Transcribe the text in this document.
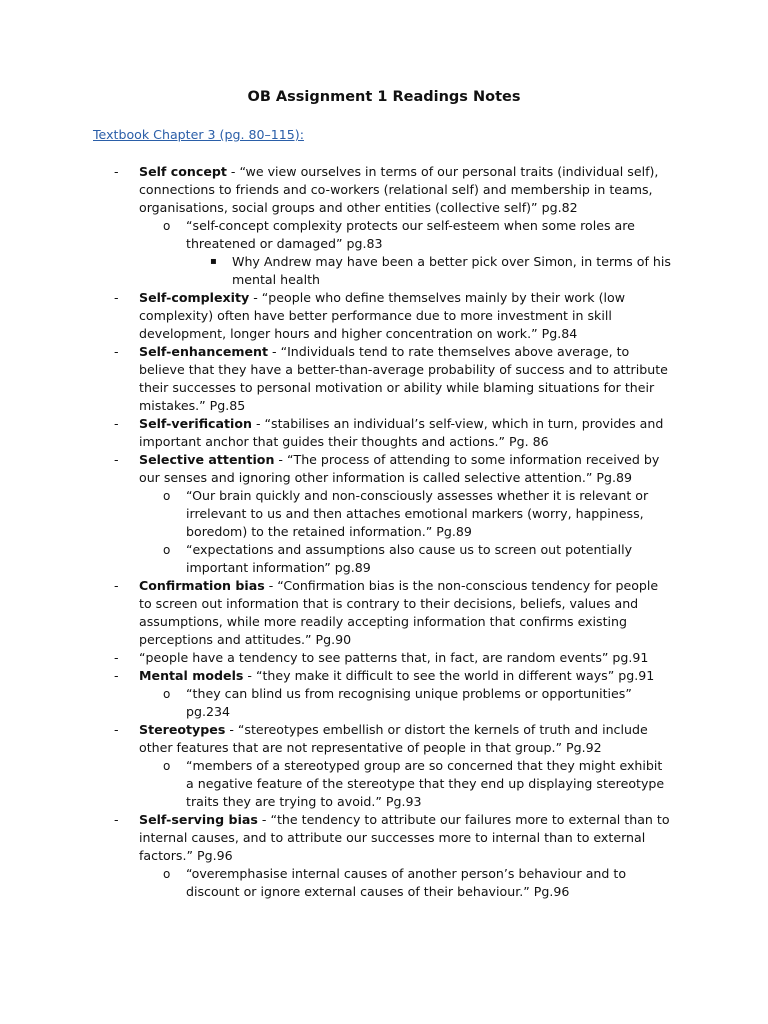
OB Assignment 1 Readings Notes
Textbook Chapter 3 (pg. 80–115):
- Self concept - “we view ourselves in terms of our personal traits (individual self), connections to friends and co-workers (relational self) and membership in teams, organisations, social groups and other entities (collective self)” pg.82
o “self-concept complexity protects our self-esteem when some roles are threatened or damaged” pg.83
▪ Why Andrew may have been a better pick over Simon, in terms of his mental health
- Self-complexity - “people who define themselves mainly by their work (low complexity) often have better performance due to more investment in skill development, longer hours and higher concentration on work.” Pg.84
- Self-enhancement - “Individuals tend to rate themselves above average, to believe that they have a better-than-average probability of success and to attribute their successes to personal motivation or ability while blaming situations for their mistakes.” Pg.85
- Self-verification - “stabilises an individual’s self-view, which in turn, provides and important anchor that guides their thoughts and actions.” Pg. 86
- Selective attention - “The process of attending to some information received by our senses and ignoring other information is called selective attention.” Pg.89
o “Our brain quickly and non-consciously assesses whether it is relevant or irrelevant to us and then attaches emotional markers (worry, happiness, boredom) to the retained information.” Pg.89
o “expectations and assumptions also cause us to screen out potentially important information” pg.89
- Confirmation bias - “Confirmation bias is the non-conscious tendency for people to screen out information that is contrary to their decisions, beliefs, values and assumptions, while more readily accepting information that confirms existing perceptions and attitudes.” Pg.90
- “people have a tendency to see patterns that, in fact, are random events” pg.91
- Mental models - “they make it difficult to see the world in different ways” pg.91
o “they can blind us from recognising unique problems or opportunities” pg.234
- Stereotypes - “stereotypes embellish or distort the kernels of truth and include other features that are not representative of people in that group.” Pg.92
o “members of a stereotyped group are so concerned that they might exhibit a negative feature of the stereotype that they end up displaying stereotype traits they are trying to avoid.” Pg.93
- Self-serving bias - “the tendency to attribute our failures more to external than to internal causes, and to attribute our successes more to internal than to external factors.” Pg.96
o “overemphasise internal causes of another person’s behaviour and to discount or ignore external causes of their behaviour.” Pg.96
